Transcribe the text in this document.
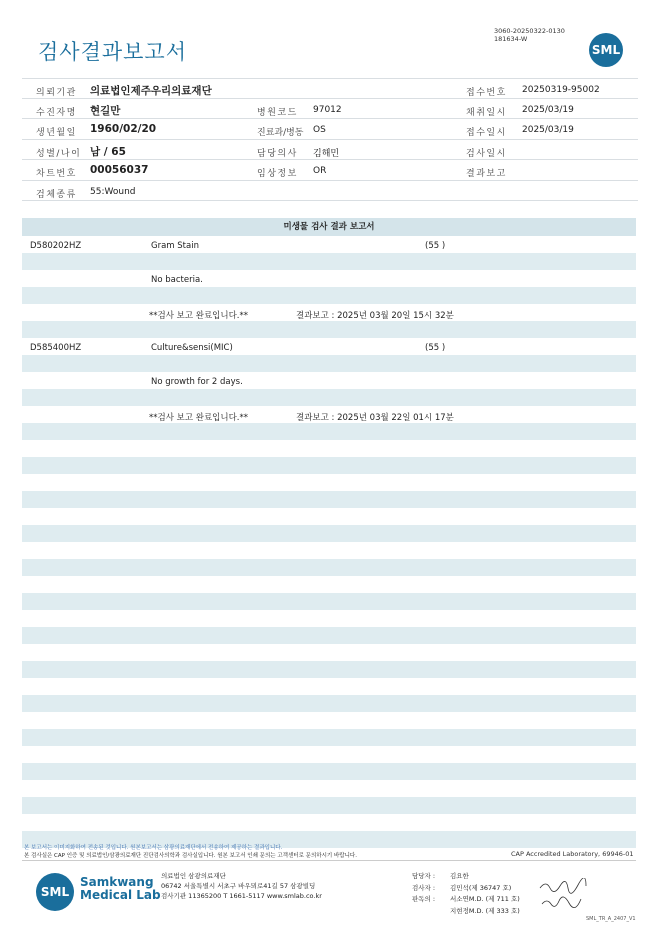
검사결과보고서
3060-20250322-0130
181634-W
SML
의뢰기관 의료법인제주우리의료재단	접수번호 20250319-95002
수진자명 현길만	병원코드 97012	채취일시 2025/03/19
생년월일 1960/02/20	진료과/병동 OS	접수일시 2025/03/19
성별/나이 남 / 65	담당의사 김해민	검사일시
차트번호 00056037	임상정보 OR	결과보고
검체종류 55:Wound
미생물 검사 결과 보고서
D580202HZ	Gram Stain	(55 )
No bacteria.
**검사 보고 완료입니다.**	결과보고 : 2025년 03월 20일 15시 32분
D585400HZ	Culture&sensi(MIC)	(55 )
No growth for 2 days.
**검사 보고 완료입니다.**	결과보고 : 2025년 03월 22일 01시 17분
본 보고서는 이미지화하여 전송된 것입니다. 원본보고서는 삼광의료재단에서 전송하여 제공하는 결과입니다.
본 검사실은 CAP 인증 및 의료법인/삼광의료재단 진단검사의학과 검사실입니다. 원본 보고서 인쇄 문의는 고객센터로 문의하시기 바랍니다.	CAP Accredited Laboratory, 69946-01
SML
Samkwang
Medical Lab
의료법인 삼광의료재단
06742 서울특별시 서초구 바우뫼로41길 57 삼광빌딩
검사기관 11365200 T 1661-5117 www.smlab.co.kr
담당자 : 김요한
검사자 : 김민석(제 36747 호)
판독의 : 서소연M.D. (제 711 호)
지현정M.D. (제 333 호)
SML_TR_A_2407_V1
